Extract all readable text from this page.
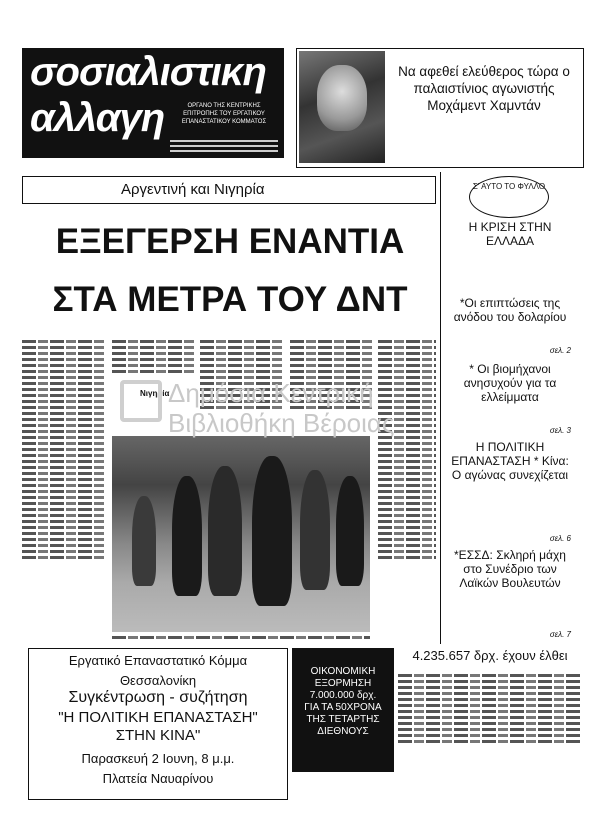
σοσιαλιστικη
αλλαγη	ΟΡΓΑΝΟ ΤΗΣ ΚΕΝΤΡΙΚΗΣ ΕΠΙΤΡΟΠΗΣ ΤΟΥ ΕΡΓΑΤΙΚΟΥ ΕΠΑΝΑΣΤΑΤΙΚΟΥ ΚΟΜΜΑΤΟΣ
Να αφεθεί ελεύθερος τώρα ο παλαιστίνιος αγωνιστής Μοχάμεντ Χαμντάν
Αργεντινή και Νιγηρία
ΕΞΕΓΕΡΣΗ ΕΝΑΝΤΙΑ
ΣΤΑ ΜΕΤΡΑ ΤΟΥ ΔΝΤ
Σ' ΑΥΤΟ ΤΟ ΦΥΛΛΟ
Η ΚΡΙΣΗ ΣΤΗΝ ΕΛΛΑΔΑ
*Οι επιπτώσεις της ανόδου του δολαρίου
σελ. 2
* Οι βιομήχανοι ανησυχούν για τα ελλείμματα
σελ. 3
Η ΠΟΛΙΤΙΚΗ ΕΠΑΝΑΣΤΑΣΗ * Κίνα: Ο αγώνας συνεχίζεται
σελ. 6
*ΕΣΣΔ: Σκληρή μάχη στο Συνέδριο των Λαϊκών Βουλευτών
σελ. 7
Νιγηρία
Δημόσια Κεντρική
Βιβλιοθήκη Βέροιας
Εργατικό Επαναστατικό Κόμμα
Θεσσαλονίκη
Συγκέντρωση - συζήτηση
"Η ΠΟΛΙΤΙΚΗ ΕΠΑΝΑΣΤΑΣΗ"
ΣΤΗΝ ΚΙΝΑ"
Παρασκευή 2 Ιουνη, 8 μ.μ.
Πλατεία Ναυαρίνου
ΟΙΚΟΝΟΜΙΚΗ
ΕΞΟΡΜΗΣΗ
7.000.000 δρχ.
ΓΙΑ ΤΑ 50ΧΡΟΝΑ
ΤΗΣ ΤΕΤΑΡΤΗΣ
ΔΙΕΘΝΟΥΣ
4.235.657 δρχ. έχουν έλθει
